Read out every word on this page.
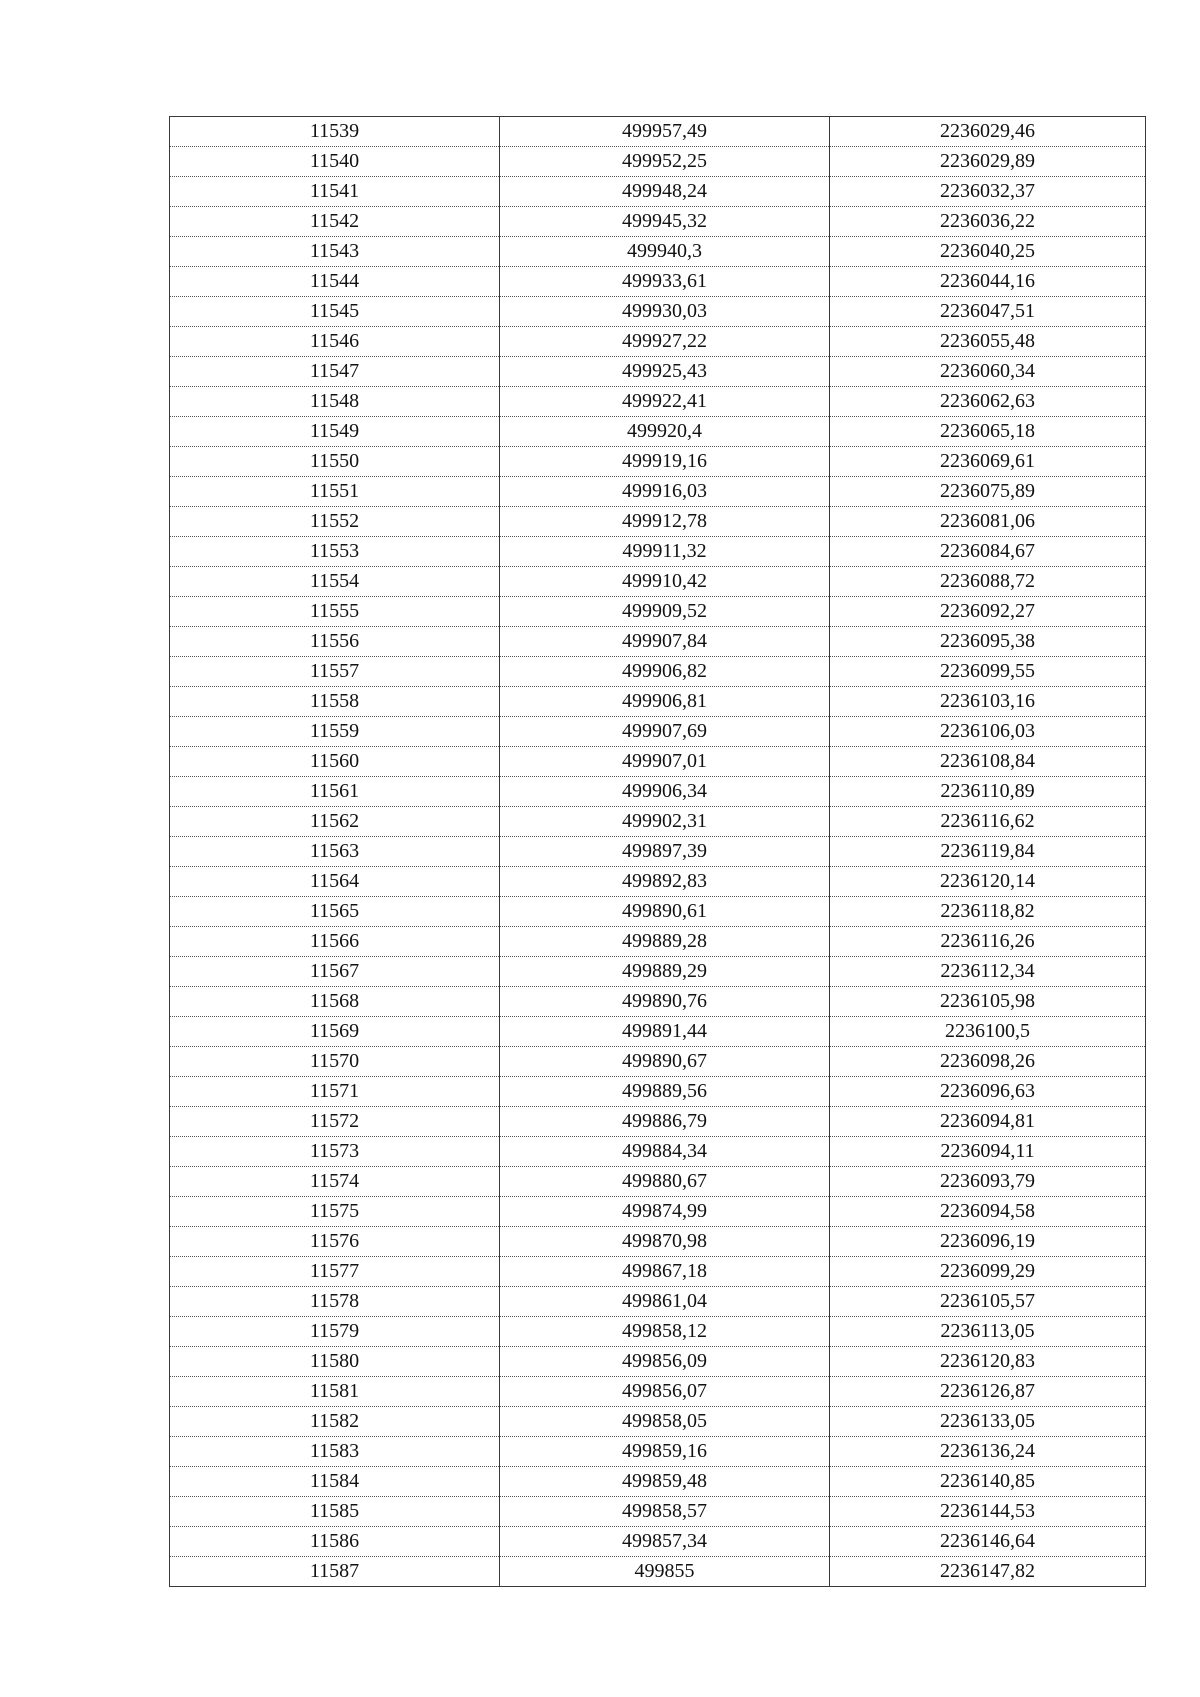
11539	499957,49	2236029,46
11540	499952,25	2236029,89
11541	499948,24	2236032,37
11542	499945,32	2236036,22
11543	499940,3	2236040,25
11544	499933,61	2236044,16
11545	499930,03	2236047,51
11546	499927,22	2236055,48
11547	499925,43	2236060,34
11548	499922,41	2236062,63
11549	499920,4	2236065,18
11550	499919,16	2236069,61
11551	499916,03	2236075,89
11552	499912,78	2236081,06
11553	499911,32	2236084,67
11554	499910,42	2236088,72
11555	499909,52	2236092,27
11556	499907,84	2236095,38
11557	499906,82	2236099,55
11558	499906,81	2236103,16
11559	499907,69	2236106,03
11560	499907,01	2236108,84
11561	499906,34	2236110,89
11562	499902,31	2236116,62
11563	499897,39	2236119,84
11564	499892,83	2236120,14
11565	499890,61	2236118,82
11566	499889,28	2236116,26
11567	499889,29	2236112,34
11568	499890,76	2236105,98
11569	499891,44	2236100,5
11570	499890,67	2236098,26
11571	499889,56	2236096,63
11572	499886,79	2236094,81
11573	499884,34	2236094,11
11574	499880,67	2236093,79
11575	499874,99	2236094,58
11576	499870,98	2236096,19
11577	499867,18	2236099,29
11578	499861,04	2236105,57
11579	499858,12	2236113,05
11580	499856,09	2236120,83
11581	499856,07	2236126,87
11582	499858,05	2236133,05
11583	499859,16	2236136,24
11584	499859,48	2236140,85
11585	499858,57	2236144,53
11586	499857,34	2236146,64
11587	499855	2236147,82
